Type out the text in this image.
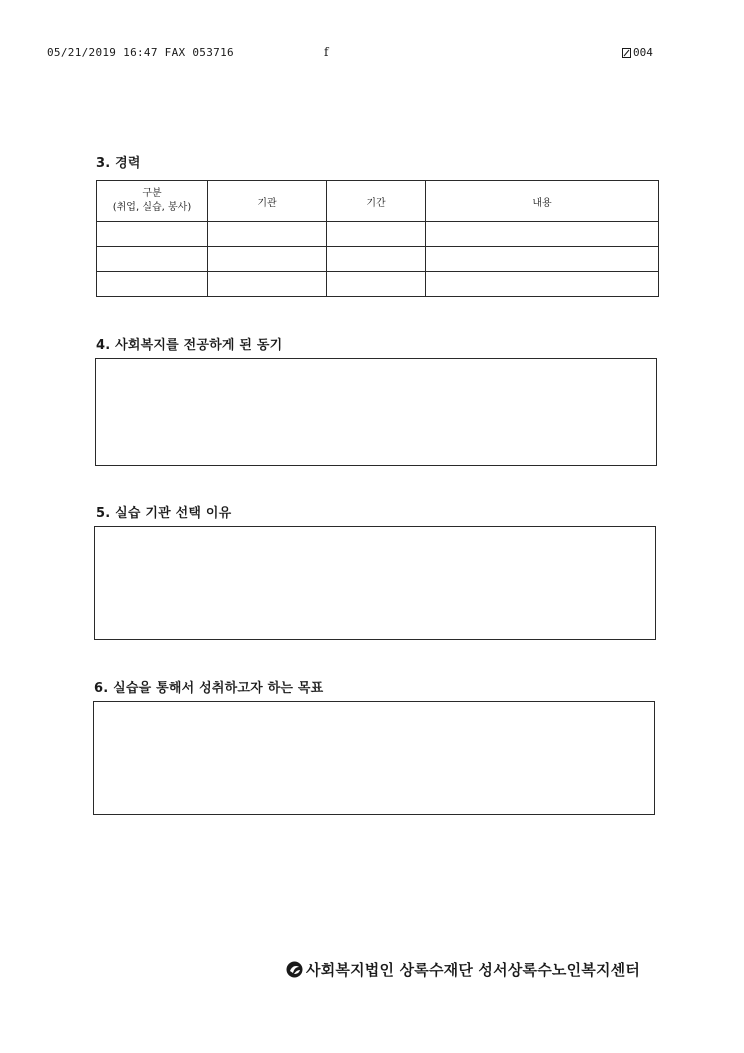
05/21/2019 16:47 FAX 053716	f	004
3. 경력
구분
(취업, 실습, 봉사)	기관	기간	내용

4. 사회복지를 전공하게 된 동기
5. 실습 기관 선택 이유
6. 실습을 통해서 성취하고자 하는 목표
사회복지법인 상록수재단 성서상록수노인복지센터
